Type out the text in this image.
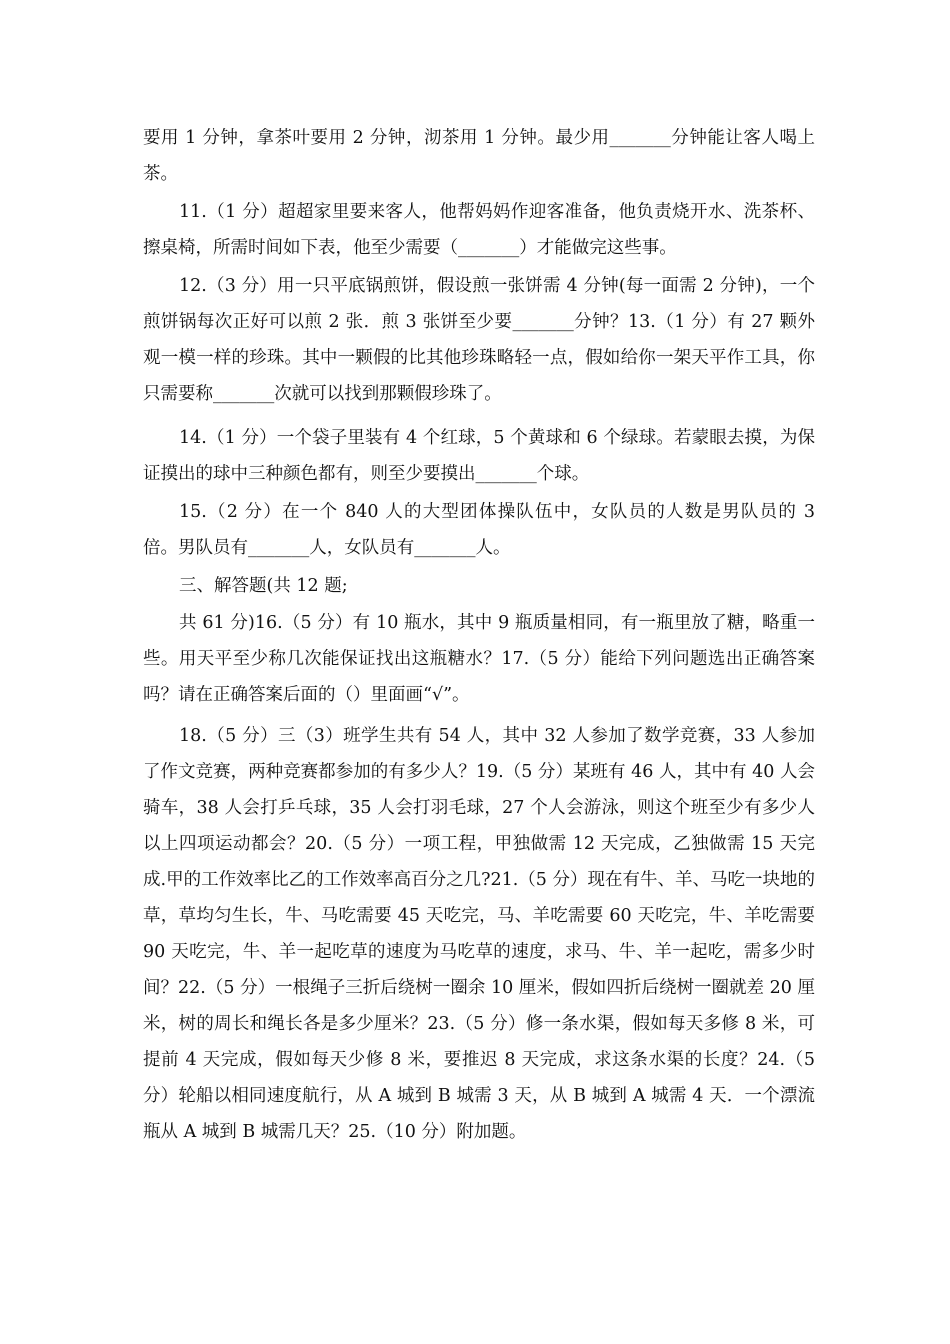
要用 1 分钟，拿茶叶要用 2 分钟，沏茶用 1 分钟。最少用_______分钟能让客人喝上茶。

11.（1 分）超超家里要来客人，他帮妈妈作迎客准备，他负责烧开水、洗茶杯、擦桌椅，所需时间如下表，他至少需要（_______）才能做完这些事。

12.（3 分）用一只平底锅煎饼，假设煎一张饼需 4 分钟(每一面需 2 分钟)，一个煎饼锅每次正好可以煎 2 张．煎 3 张饼至少要_______分钟？13.（1 分）有 27 颗外观一模一样的珍珠。其中一颗假的比其他珍珠略轻一点，假如给你一架天平作工具，你只需要称_______次就可以找到那颗假珍珠了。

14.（1 分）一个袋子里装有 4 个红球，5 个黄球和 6 个绿球。若蒙眼去摸，为保证摸出的球中三种颜色都有，则至少要摸出_______个球。

15.（2 分）在一个 840 人的大型团体操队伍中，女队员的人数是男队员的 3 倍。男队员有_______人，女队员有_______人。

三、解答题(共 12 题;

共 61 分)16.（5 分）有 10 瓶水，其中 9 瓶质量相同，有一瓶里放了糖，略重一些。用天平至少称几次能保证找出这瓶糖水？17.（5 分）能给下列问题选出正确答案吗？请在正确答案后面的（）里面画“√”。

18.（5 分）三（3）班学生共有 54 人，其中 32 人参加了数学竞赛，33 人参加了作文竞赛，两种竞赛都参加的有多少人？19.（5 分）某班有 46 人，其中有 40 人会骑车，38 人会打乒乓球，35 人会打羽毛球，27 个人会游泳，则这个班至少有多少人以上四项运动都会？20.（5 分）一项工程，甲独做需 12 天完成，乙独做需 15 天完成.甲的工作效率比乙的工作效率高百分之几?21.（5 分）现在有牛、羊、马吃一块地的草，草均匀生长，牛、马吃需要 45 天吃完，马、羊吃需要 60 天吃完，牛、羊吃需要 90 天吃完，牛、羊一起吃草的速度为马吃草的速度，求马、牛、羊一起吃，需多少时间？22.（5 分）一根绳子三折后绕树一圈余 10 厘米，假如四折后绕树一圈就差 20 厘米，树的周长和绳长各是多少厘米？23.（5 分）修一条水渠，假如每天多修 8 米，可提前 4 天完成，假如每天少修 8 米，要推迟 8 天完成，求这条水渠的长度？24.（5 分）轮船以相同速度航行，从 A 城到 B 城需 3 天，从 B 城到 A 城需 4 天．一个漂流瓶从 A 城到 B 城需几天？25.（10 分）附加题。
